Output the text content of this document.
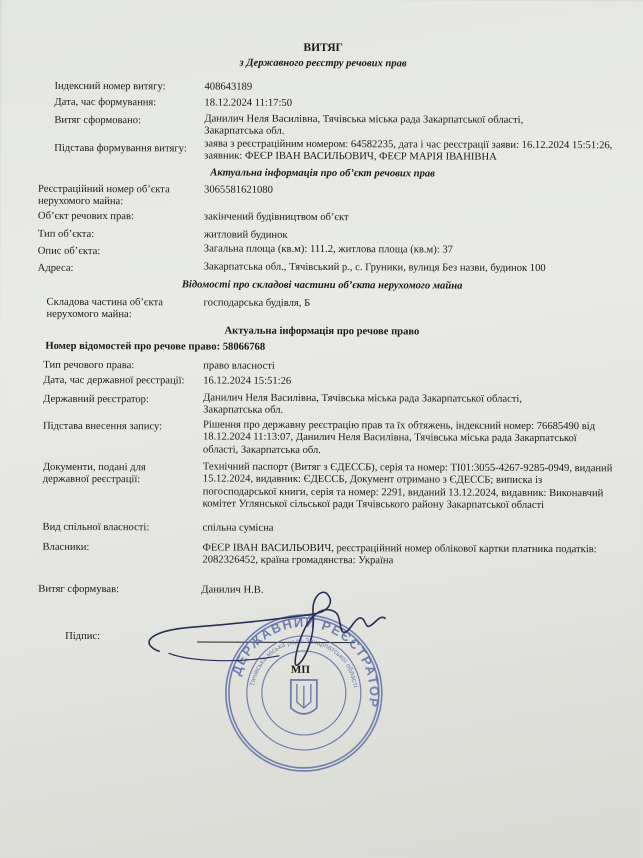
ВИТЯГ
з Державного реєстру речових прав
Індексний номер витягу:	408643189
Дата, час формування:	18.12.2024 11:17:50
Витяг сформовано:	Данилич Неля Василівна, Тячівська міська рада Закарпатської області, Закарпатська обл.
Підстава формування витягу: заява з реєстраційним номером: 64582235, дата і час реєстрації заяви: 16.12.2024 15:51:26, заявник: ФЕЄР ІВАН ВАСИЛЬОВИЧ, ФЕЄР МАРІЯ ІВАНІВНА
Актуальна інформація про об’єкт речових прав
Реєстраційний номер об’єкта нерухомого майна:
3065581621080
Об’єкт речових прав:	закінчений будівництвом об’єкт
Тип об’єкта:	житловий будинок
Опис об’єкта:	Загальна площа (кв.м): 111.2, житлова площа (кв.м): 37
Адреса:	Закарпатська обл., Тячівський р., с. Груники, вулиця Без назви, будинок 100
Відомості про складові частини об’єкта нерухомого майна
Складова частина об’єкта нерухомого майна:
господарська будівля, Б
Актуальна інформація про речове право
Номер відомостей про речове право: 58066768
Тип речового права:	право власності
Дата, час державної реєстрації: 16.12.2024 15:51:26
Державний реєстратор:	Данилич Неля Василівна, Тячівська міська рада Закарпатської області, Закарпатська обл.
Підстава внесення запису:	Рішення про державну реєстрацію прав та їх обтяжень, індексний номер: 76685490 від 18.12.2024 11:13:07, Данилич Неля Василівна, Тячівська міська рада Закарпатської області, Закарпатська обл.
Документи, подані для державної реєстрації:
Технічний паспорт (Витяг з ЄДЕССБ), серія та номер: ТІ01:3055-4267-9285-0949, виданий 15.12.2024, видавник: ЄДЕССБ, Документ отримано з ЄДЕССБ; виписка із погосподарської книги, серія та номер: 2291, виданий 13.12.2024, видавник: Виконавчий комітет Углянської сільської ради Тячівського району Закарпатської області
Вид спільної власності:	спільна сумісна
Власники:	ФЕЄР ІВАН ВАСИЛЬОВИЧ, реєстраційний номер облікової картки платника податків: 2082326452, країна громадянства: Україна
Витяг сформував:	Данилич Н.В.
Підпис:
ДЕРЖАВНИЙ РЕЄСТРАТОР
Тячівська міська рада Закарпатської області
МП
